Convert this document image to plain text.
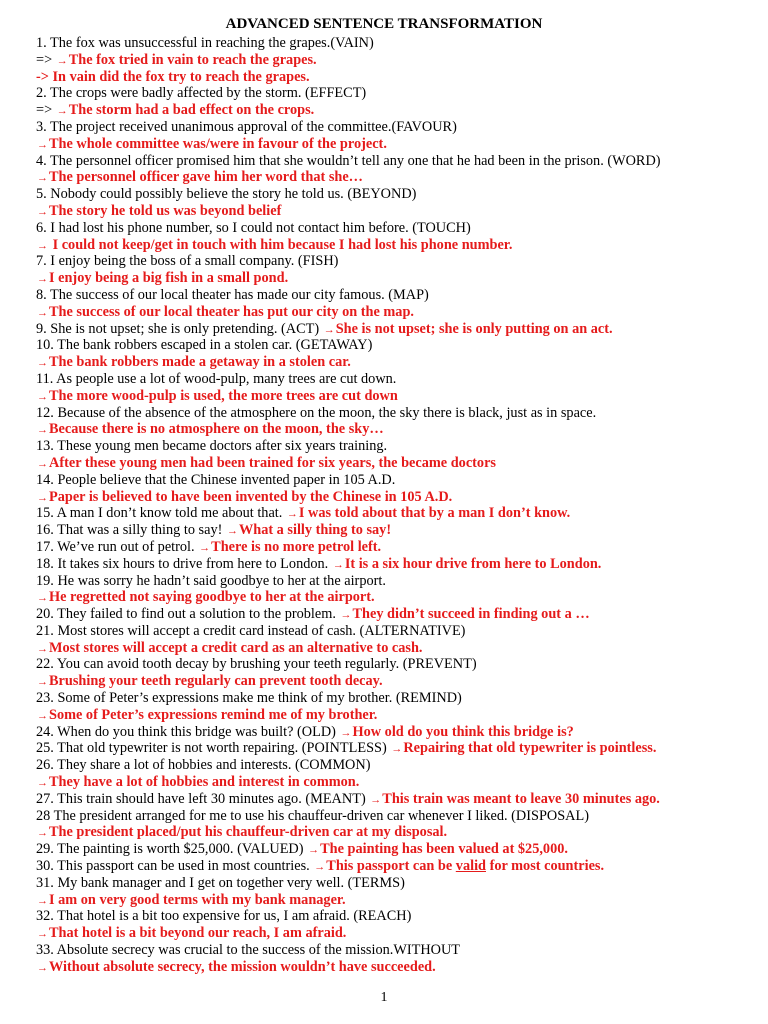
ADVANCED SENTENCE TRANSFORMATION
1. The fox was unsuccessful in reaching the grapes.(VAIN)
=> →The fox tried in vain to reach the grapes.
-> In vain did the fox try to reach the grapes.
2. The crops were badly affected by the storm. (EFFECT)
=> →The storm had a bad effect on the crops.
3. The project received unanimous approval of the committee.(FAVOUR)
→The whole committee was/were in favour of the project.
4. The personnel officer promised him that she wouldn’t tell any one that he had been in the prison. (WORD)
→The personnel officer gave him her word that she…
5. Nobody could possibly believe the story he told us. (BEYOND)
→The story he told us was beyond belief
6. I had lost his phone number, so I could not contact him before. (TOUCH)
→ I could not keep/get in touch with him because I had lost his phone number.
7. I enjoy being the boss of a small company. (FISH)
→I enjoy being a big fish in a small pond.
8. The success of our local theater has made our city famous. (MAP)
→The success of our local theater has put our city on the map.
9. She is not upset; she is only pretending. (ACT) →She is not upset; she is only putting on an act.
10. The bank robbers escaped in a stolen car. (GETAWAY)
→The bank robbers made a getaway in a stolen car.
11. As people use a lot of wood-pulp, many trees are cut down.
→The more wood-pulp is used, the more trees are cut down
12. Because of the absence of the atmosphere on the moon, the sky there is black, just as in space.
→Because there is no atmosphere on the moon, the sky…
13. These young men became doctors after six years training.
→After these young men had been trained for six years, the became doctors
14. People believe that the Chinese invented paper in 105 A.D.
→Paper is believed to have been invented by the Chinese in 105 A.D.
15. A man I don’t know told me about that. →I was told about that by a man I don’t know.
16. That was a silly thing to say! →What a silly thing to say!
17. We’ve run out of petrol. →There is no more petrol left.
18. It takes six hours to drive from here to London. →It is a six hour drive from here to London.
19. He was sorry he hadn’t said goodbye to her at the airport.
→He regretted not saying goodbye to her at the airport.
20. They failed to find out a solution to the problem. →They didn’t succeed in finding out a …
21. Most stores will accept a credit card instead of cash. (ALTERNATIVE)
→Most stores will accept a credit card as an alternative to cash.
22. You can avoid tooth decay by brushing your teeth regularly. (PREVENT)
→Brushing your teeth regularly can prevent tooth decay.
23. Some of Peter’s expressions make me think of my brother. (REMIND)
→Some of Peter’s expressions remind me of my brother.
24. When do you think this bridge was built? (OLD) →How old do you think this bridge is?
25. That old typewriter is not worth repairing. (POINTLESS) →Repairing that old typewriter is pointless.
26. They share a lot of hobbies and interests. (COMMON)
→They have a lot of hobbies and interest in common.
27. This train should have left 30 minutes ago. (MEANT) →This train was meant to leave 30 minutes ago.
28 The president arranged for me to use his chauffeur-driven car whenever I liked. (DISPOSAL)
→The president placed/put his chauffeur-driven car at my disposal.
29. The painting is worth $25,000. (VALUED) →The painting has been valued at $25,000.
30. This passport can be used in most countries. →This passport can be valid for most countries.
31. My bank manager and I get on together very well. (TERMS)
→I am on very good terms with my bank manager.
32. That hotel is a bit too expensive for us, I am afraid. (REACH)
→That hotel is a bit beyond our reach, I am afraid.
33. Absolute secrecy was crucial to the success of the mission.WITHOUT
→Without absolute secrecy, the mission wouldn’t have succeeded.
1
